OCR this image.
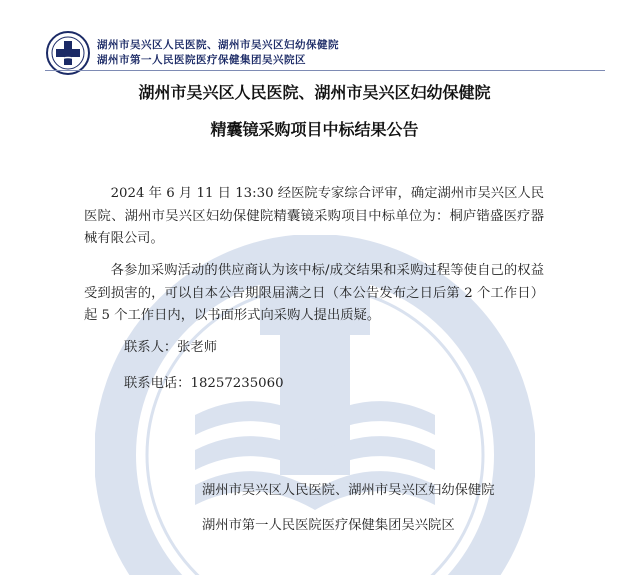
湖州市吴兴区人民医院、湖州市吴兴区妇幼保健院
湖州市第一人民医院医疗保健集团吴兴院区
湖州市吴兴区人民医院、湖州市吴兴区妇幼保健院
精囊镜采购项目中标结果公告
2024 年 6 月 11 日 13:30 经医院专家综合评审，确定湖州市吴兴区人民医院、湖州市吴兴区妇幼保健院精囊镜采购项目中标单位为：桐庐锴盛医疗器械有限公司。
各参加采购活动的供应商认为该中标/成交结果和采购过程等使自己的权益受到损害的，可以自本公告期限届满之日（本公告发布之日后第 2 个工作日）起 5 个工作日内，以书面形式向采购人提出质疑。
联系人：张老师
联系电话：18257235060
湖州市吴兴区人民医院、湖州市吴兴区妇幼保健院
湖州市第一人民医院医疗保健集团吴兴院区
